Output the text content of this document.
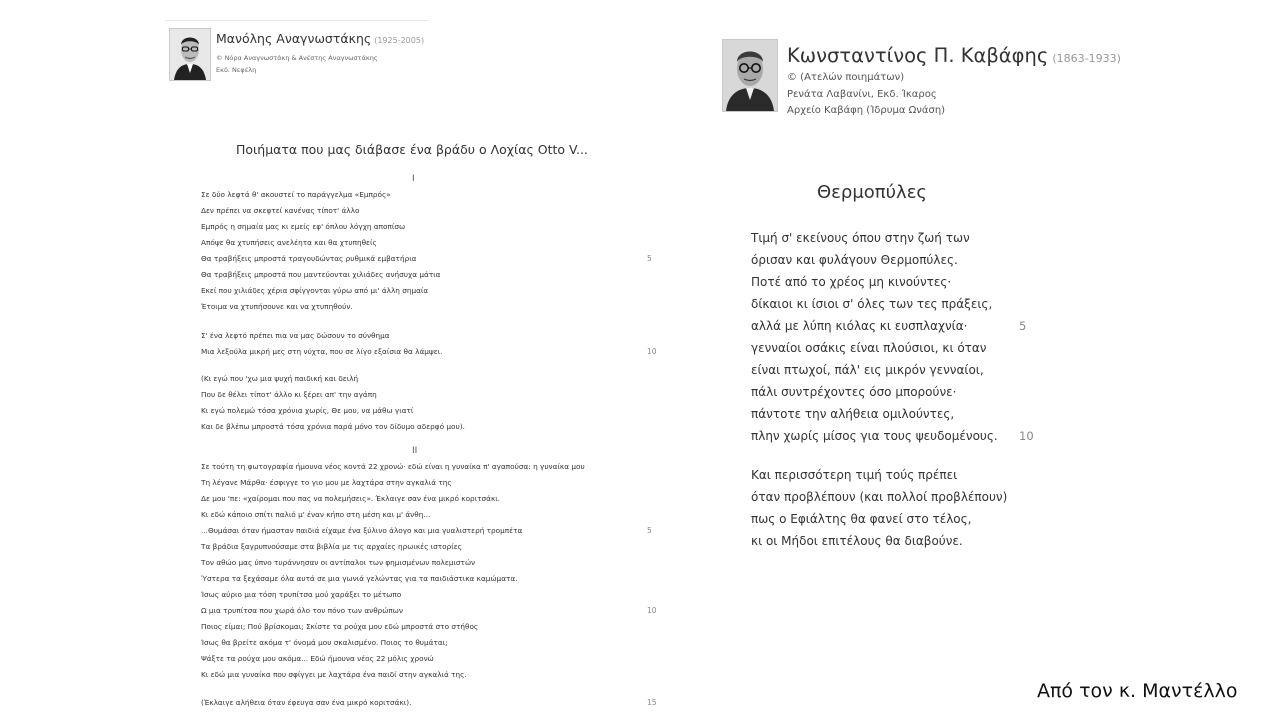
Μανόλης Αναγνωστάκης (1925-2005)
© Νόρα Αναγνωστάκη & Ανέστης Αναγνωστάκης
Εκδ. Νεφέλη
Ποιήματα που μας διάβασε ένα βράδυ ο Λοχίας Otto V...
I
Σε δύο λεφτά θ' ακουστεί το παράγγελμα «Εμπρός»
Δεν πρέπει να σκεφτεί κανένας τίποτ' άλλο
Εμπρός η σημαία μας κι εμείς εφ' όπλου λόγχη αποπίσω
Απόψε θα χτυπήσεις ανελέητα και θα χτυπηθείς
Θα τραβήξεις μπροστά τραγουδώντας ρυθμικά εμβατήρια
Θα τραβήξεις μπροστά που μαντεύονται χιλιάδες ανήσυχα μάτια
Εκεί που χιλιάδες χέρια σφίγγονται γύρω από μι' άλλη σημαία
Έτοιμα να χτυπήσουνε και να χτυπηθούν.
Σ' ένα λεφτό πρέπει πια να μας δώσουν το σύνθημα
Μια λεξούλα μικρή μες στη νύχτα, που σε λίγο εξαίσια θα λάμψει.
(Κι εγώ που 'χω μια ψυχή παιδική και δειλή
Που δε θέλει τίποτ' άλλο κι ξέρει απ' την αγάπη
Κι εγώ πολεμώ τόσα χρόνια χωρίς, Θε μου, να μάθω γιατί
Και δε βλέπω μπροστά τόσα χρόνια παρά μόνο τον δίδυμο αδερφό μου).
II
Σε τούτη τη φωτογραφία ήμουνα νέος κοντά 22 χρονώ· εδώ είναι η γυναίκα π' αγαπούσα: η γυναίκα μου
Τη λέγανε Μάρθα· έσφιγγε το γιο μου με λαχτάρα στην αγκαλιά της
Δε μου 'πε: «χαίρομαι που πας να πολεμήσεις». Έκλαιγε σαν ένα μικρό κοριτσάκι.
Κι εδώ κάποιο σπίτι παλιό μ' έναν κήπο στη μέση και μ' άνθη...
...Θυμάσαι όταν ήμασταν παιδιά είχαμε ένα ξύλινο άλογο και μια γυαλιστερή τρομπέτα
Τα βράδια ξαγρυπνούσαμε στα βιβλία με τις αρχαίες ηρωικές ιστορίες
Τον αθώο μας ύπνο τυράννησαν οι αντίπαλοι των φημισμένων πολεμιστών
Ύστερα τα ξεχάσαμε όλα αυτά σε μια γωνιά γελώντας για τα παιδιάστικα καμώματα.
Ίσως αύριο μια τόση τρυπίτσα μού χαράξει το μέτωπο
Ω μια τρυπίτσα που χωρά όλο τον πόνο των ανθρώπων
Ποιος είμαι; Πού βρίσκομαι; Σκίστε τα ρούχα μου εδώ μπροστά στο στήθος
Ίσως θα βρείτε ακόμα τ' όνομά μου σκαλισμένο. Ποιος το θυμάται;
Ψάξτε τα ρούχα μου ακόμα... Εδώ ήμουνα νέος 22 μόλις χρονώ
Κι εδώ μια γυναίκα που σφίγγει με λαχτάρα ένα παιδί στην αγκαλιά της.
(Έκλαιγε αλήθεια όταν έφευγα σαν ένα μικρό κοριτσάκι).
5
10
5
10
15
Κωνσταντίνος Π. Καβάφης (1863-1933)
© (Ατελών ποιημάτων)
Ρενάτα Λαβανίνι, Εκδ. Ίκαρος
Αρχείο Καβάφη (Ίδρυμα Ωνάση)
Θερμοπύλες
Τιμή σ' εκείνους όπου στην ζωή των
όρισαν και φυλάγουν Θερμοπύλες.
Ποτέ από το χρέος μη κινούντες·
δίκαιοι κι ίσιοι σ' όλες των τες πράξεις,
αλλά με λύπη κιόλας κι ευσπλαχνία·
γενναίοι οσάκις είναι πλούσιοι, κι όταν
είναι πτωχοί, πάλ' εις μικρόν γενναίοι,
πάλι συντρέχοντες όσο μπορούνε·
πάντοτε την αλήθεια ομιλούντες,
πλην χωρίς μίσος για τους ψευδομένους.
Και περισσότερη τιμή τούς πρέπει
όταν προβλέπουν (και πολλοί προβλέπουν)
πως ο Εφιάλτης θα φανεί στο τέλος,
κι οι Μήδοι επιτέλους θα διαβούνε.
5
10
Από τον κ. Μαντέλλο
